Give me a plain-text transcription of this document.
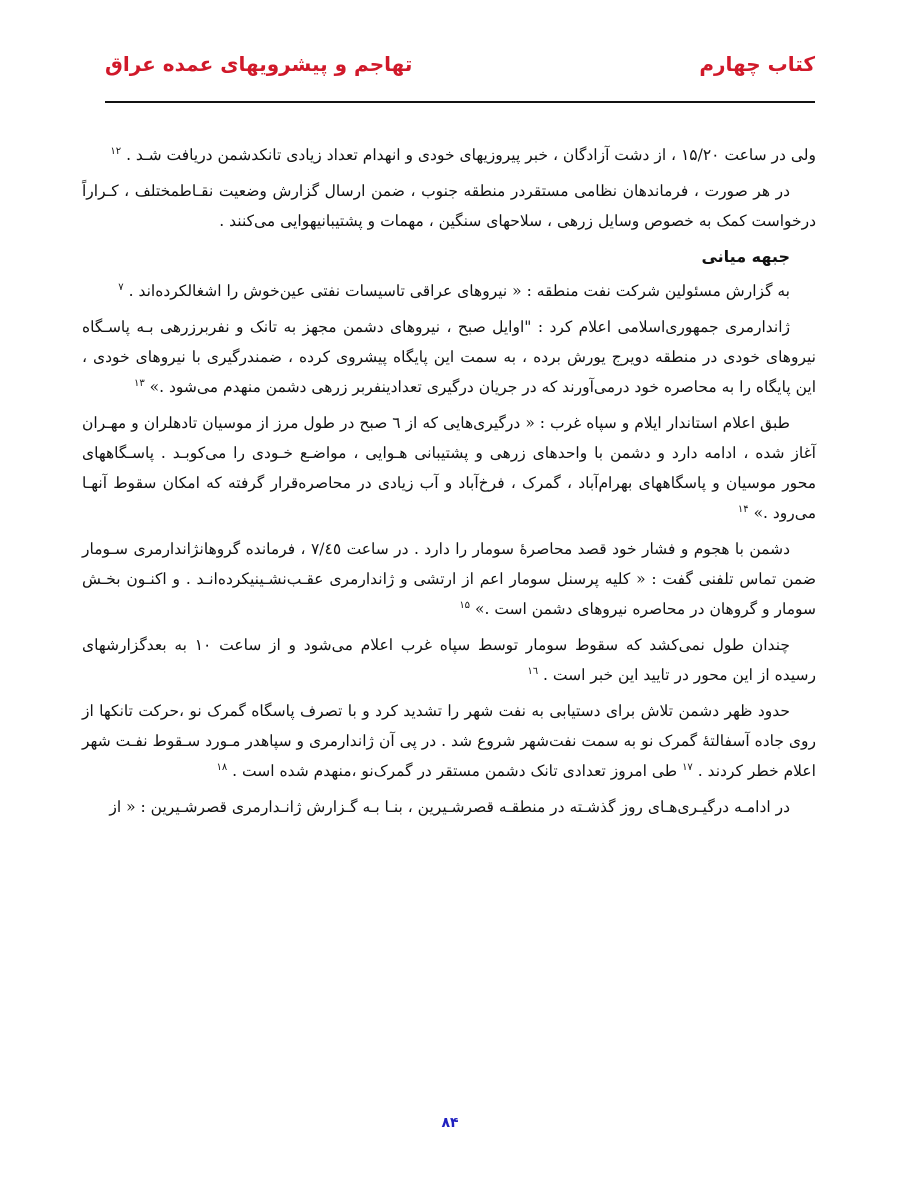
کتاب چهارم
تهاجم و پیشرویهای عمده عراق

ولی در ساعت ۱۵/۲۰ ، از دشت آزادگان ، خبر پیروزیهای خودی و انهدام تعداد زیادی تانکدشمن دریافت شـد . $^{۱۲}$

در هر صورت ، فرماندهان نظامی مستقردر منطقه جنوب ، ضمن ارسال گزارش وضعیت نقـاطمختلف ، کـراراً درخواست کمک به خصوص وسایل زرهی ، سلاحهای سنگین ، مهمات و پشتیبانیهوایی می‌کنند .

جبهه میانی

به گزارش مسئولین شرکت نفت منطقه : « نیروهای عراقی تاسیسات نفتی عین‌خوش را اشغالکرده‌اند . $^۷$

ژاندارمری جمهوری‌اسلامی اعلام کرد : "اوایل صبح ، نیروهای دشمن مجهز به تانک و نفربرزرهی بـه پاسـگاه نیروهای خودی در منطقه دویرج یورش برده ، به سمت این پایگاه پیشروی کرده ، ضمندرگیری با نیروهای خودی ، این پایگاه را به محاصره خود درمی‌آورند که در جریان درگیری تعدادینفربر زرهی دشمن منهدم می‌شود .» $^{۱۳}$

طبق اعلام استاندار ایلام و سپاه غرب : « درگیری‌هایی که از ٦ صبح در طول مرز از موسیان تادهلران و مهـران آغاز شده ، ادامه دارد و دشمن با واحدهای زرهی و پشتیبانی هـوایی ، مواضـع خـودی را می‌کوبـد . پاسـگاههای محور موسیان و پاسگاههای بهرام‌آباد ، گمرک ، فرخ‌آباد و آب زیادی در محاصره‌قرار گرفته که امکان سقوط آنهـا می‌رود .» $^{۱۴}$

دشمن با هجوم و فشار خود قصد محاصرهٔ سومار را دارد . در ساعت ۷/٤٥ ، فرمانده گروهانژاندارمری سـومار ضمن تماس تلفنی گفت : « کلیه پرسنل سومار اعم از ارتشی و ژاندارمری عقـب‌نشـینیکرده‌انـد . و اکنـون بخـش سومار و گروهان در محاصره نیروهای دشمن است .» $^{۱۵}$

چندان طول نمی‌کشد که سقوط سومار توسط سپاه غرب اعلام می‌شود و از ساعت ۱۰ به بعدگزارشهای رسیده از این محور در تایید این خبر است . $^{۱٦}$

حدود ظهر دشمن تلاش برای دستیابی به نفت شهر را تشدید کرد و با تصرف پاسگاه گمرک نو ،حرکت تانکها از روی جاده آسفالتهٔ گمرک نو به سمت نفت‌شهر شروع شد . در پی آن ژاندارمری و سپاهدر مـورد سـقوط نفـت شهر اعلام خطر کردند . $^{۱۷}$ طی امروز تعدادی تانک دشمن مستقر در گمرک‌نو ،منهدم شده است . $^{۱۸}$

در ادامـه درگیـری‌هـای روز گذشـته در منطقـه قصرشـیرین ، بنـا بـه گـزارش ژانـدارمری قصرشـیرین : « از

۸۴
